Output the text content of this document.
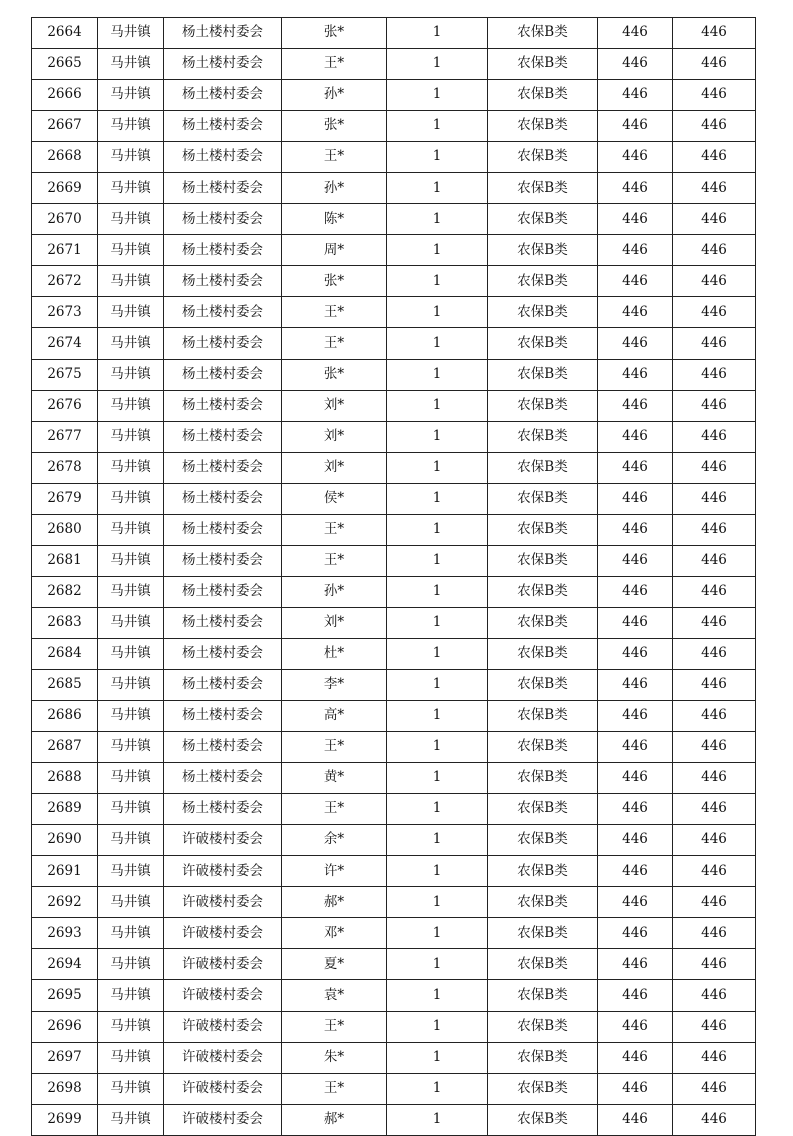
2664	马井镇	杨土楼村委会	张*	1	农保B类	446	446
2665	马井镇	杨土楼村委会	王*	1	农保B类	446	446
2666	马井镇	杨土楼村委会	孙*	1	农保B类	446	446
2667	马井镇	杨土楼村委会	张*	1	农保B类	446	446
2668	马井镇	杨土楼村委会	王*	1	农保B类	446	446
2669	马井镇	杨土楼村委会	孙*	1	农保B类	446	446
2670	马井镇	杨土楼村委会	陈*	1	农保B类	446	446
2671	马井镇	杨土楼村委会	周*	1	农保B类	446	446
2672	马井镇	杨土楼村委会	张*	1	农保B类	446	446
2673	马井镇	杨土楼村委会	王*	1	农保B类	446	446
2674	马井镇	杨土楼村委会	王*	1	农保B类	446	446
2675	马井镇	杨土楼村委会	张*	1	农保B类	446	446
2676	马井镇	杨土楼村委会	刘*	1	农保B类	446	446
2677	马井镇	杨土楼村委会	刘*	1	农保B类	446	446
2678	马井镇	杨土楼村委会	刘*	1	农保B类	446	446
2679	马井镇	杨土楼村委会	侯*	1	农保B类	446	446
2680	马井镇	杨土楼村委会	王*	1	农保B类	446	446
2681	马井镇	杨土楼村委会	王*	1	农保B类	446	446
2682	马井镇	杨土楼村委会	孙*	1	农保B类	446	446
2683	马井镇	杨土楼村委会	刘*	1	农保B类	446	446
2684	马井镇	杨土楼村委会	杜*	1	农保B类	446	446
2685	马井镇	杨土楼村委会	李*	1	农保B类	446	446
2686	马井镇	杨土楼村委会	高*	1	农保B类	446	446
2687	马井镇	杨土楼村委会	王*	1	农保B类	446	446
2688	马井镇	杨土楼村委会	黄*	1	农保B类	446	446
2689	马井镇	杨土楼村委会	王*	1	农保B类	446	446
2690	马井镇	许破楼村委会	余*	1	农保B类	446	446
2691	马井镇	许破楼村委会	许*	1	农保B类	446	446
2692	马井镇	许破楼村委会	郝*	1	农保B类	446	446
2693	马井镇	许破楼村委会	邓*	1	农保B类	446	446
2694	马井镇	许破楼村委会	夏*	1	农保B类	446	446
2695	马井镇	许破楼村委会	袁*	1	农保B类	446	446
2696	马井镇	许破楼村委会	王*	1	农保B类	446	446
2697	马井镇	许破楼村委会	朱*	1	农保B类	446	446
2698	马井镇	许破楼村委会	王*	1	农保B类	446	446
2699	马井镇	许破楼村委会	郝*	1	农保B类	446	446
